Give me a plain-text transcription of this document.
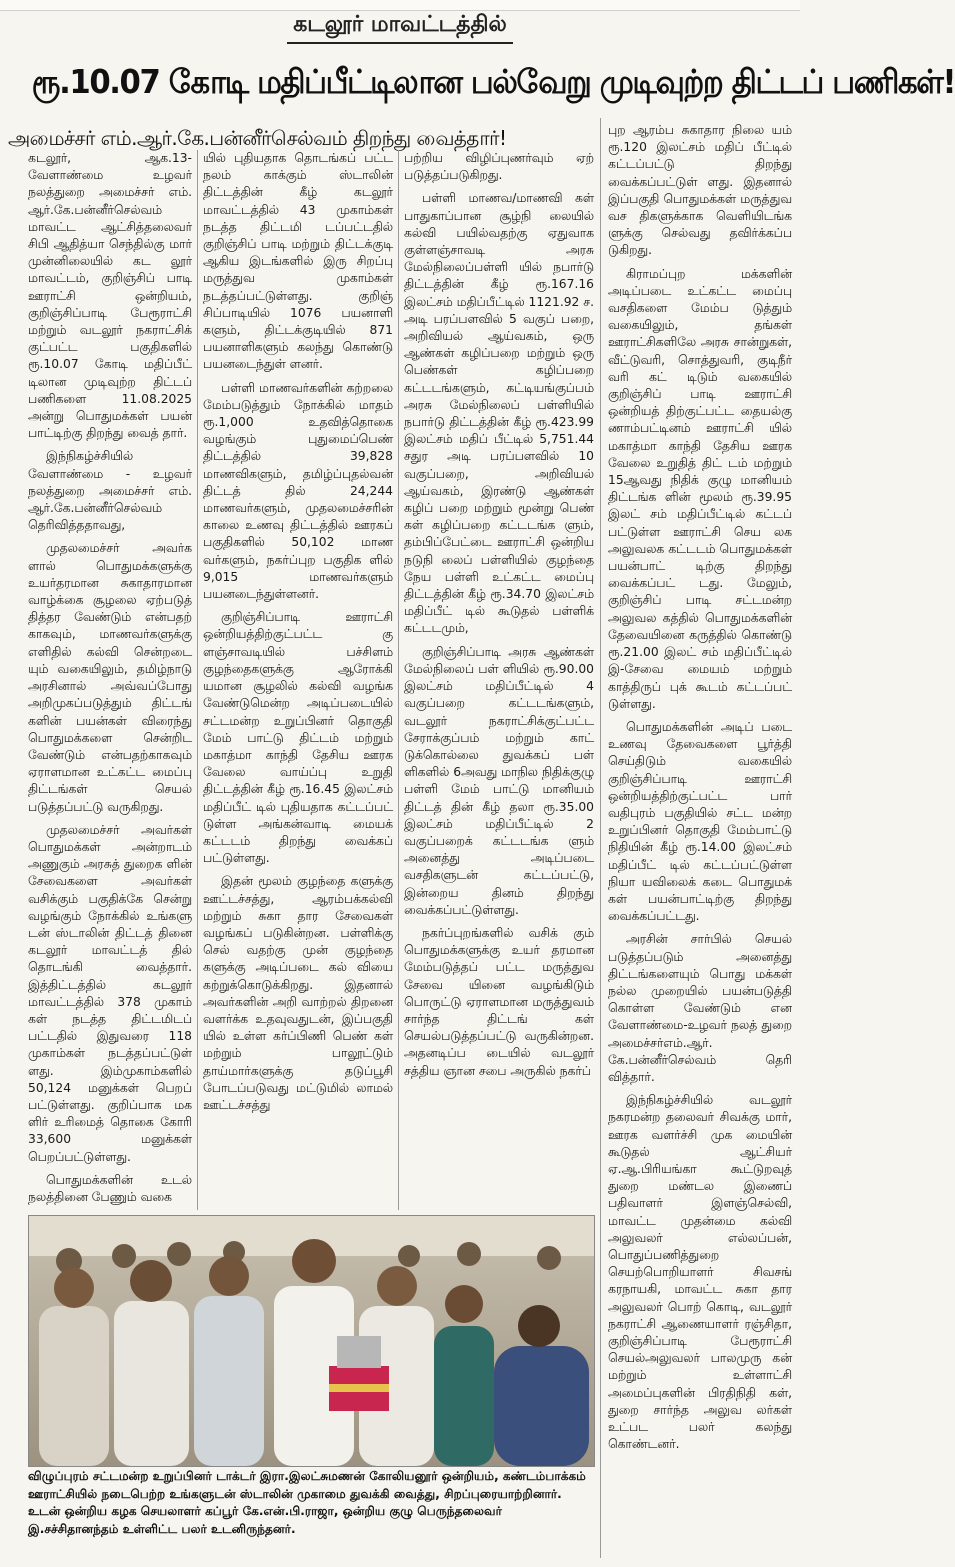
கடலூர் மாவட்டத்தில்
ரூ.10.07 கோடி மதிப்பீட்டிலான பல்வேறு முடிவுற்ற திட்டப் பணிகள்!
அமைச்சர் எம்.ஆர்.கே.பன்னீர்செல்வம் திறந்து வைத்தார்!

கடலூர், ஆக.13- வேளாண்மை உழவர் நலத்துறை அமைச்சர் எம். ஆர்.கே.பன்னீர்செல்வம் மாவட்ட ஆட்சித்தலைவர் சிபி ஆதித்யா செந்தில்கு மார் முன்னிலையில் கட லூர் மாவட்டம், குறிஞ்சிப் பாடி ஊராட்சி ஒன்றியம், குறிஞ்சிப்பாடி பேரூராட்சி மற்றும் வடலூர் நகராட்சிக் குட்பட்ட பகுதிகளில் ரூ.10.07 கோடி மதிப்பீட் டிலான முடிவுற்ற திட்டப் பணிகளை 11.08.2025 அன்று பொதுமக்கள் பயன் பாட்டிற்கு திறந்து வைத் தார்.

இந்நிகழ்ச்சியில் வேளாண்மை - உழவர் நலத்துறை அமைச்சர் எம். ஆர்.கே.பன்னீர்செல்வம் தெரிவித்ததாவது,

முதலமைச்சர் அவர்க ளால் பொதுமக்களுக்கு உயர்தரமான சுகாதாரமான வாழ்க்கை சூழலை ஏற்படுத் தித்தர வேண்டும் என்பதற் காகவும், மாணவர்களுக்கு எளிதில் கல்வி சென்றடை யும் வகையிலும், தமிழ்நாடு அரசினால் அவ்வப்போது அறிமுகப்படுத்தும் திட்டங் களின் பயன்கள் விரைந்து பொதுமக்களை சென்றிட வேண்டும் என்பதற்காகவும் ஏராளமான உட்கட்ட மைப்பு திட்டங்கள் செயல் படுத்தப்பட்டு வருகிறது.

முதலமைச்சர் அவர்கள் பொதுமக்கள் அன்றாடம் அணுகும் அரசுத் துறைக ளின் சேவைகளை அவர்கள் வசிக்கும் பகுதிக்கே சென்று வழங்கும் நோக்கில் உங்களு டன் ஸ்டாலின் திட்டத் தினை கடலூர் மாவட்டத் தில் தொடங்கி வைத்தார். இத்திட்டத்தில் கடலூர் மாவட்டத்தில் 378 முகாம் கள் நடத்த திட்டமிடப் பட்டதில் இதுவரை 118 முகாம்கள் நடத்தப்பட்டுள் ளது. இம்முகாம்களில் 50,124 மனுக்கள் பெறப் பட்டுள்ளது. குறிப்பாக மக ளிர் உரிமைத் தொகை கோரி 33,600 மனுக்கள் பெறப்பட்டுள்ளது.

பொதுமக்களின் உடல் நலத்தினை பேணும் வகை

யில் புதியதாக தொடங்கப் பட்ட நலம் காக்கும் ஸ்டாலின் திட்டத்தின் கீழ் கடலூர் மாவட்டத்தில் 43 முகாம்கள் நடத்த திட்டமி டப்பட்டதில் குறிஞ்சிப் பாடி மற்றும் திட்டக்குடி ஆகிய இடங்களில் இரு சிறப்பு மருத்துவ முகாம்கள் நடத்தப்பட்டுள்ளது. குறிஞ் சிப்பாடியில் 1076 பயனாளி களும், திட்டக்குடியில் 871 பயனாளிகளும் கலந்து கொண்டு பயனடைந்துள் ளனர்.

பள்ளி மாணவர்களின் கற்றலை மேம்படுத்தும் நோக்கில் மாதம் ரூ.1,000 உதவித்தொகை வழங்கும் புதுமைப்பெண் திட்டத்தில் 39,828 மாணவிகளும், தமிழ்ப்புதல்வன் திட்டத் தில் 24,244 மாணவர்களும், முதலமைச்சரின் காலை உணவு திட்டத்தில் ஊரகப் பகுதிகளில் 50,102 மாண வர்களும், நகர்ப்புற பகுதிக ளில் 9,015 மாணவர்களும் பயனடைந்துள்ளனர்.

குறிஞ்சிப்பாடி ஊராட்சி ஒன்றியத்திற்குட்பட்ட கு ளஞ்சாவடியில் பச்சிளம் குழந்தைகளுக்கு ஆரோக்கி யமான சூழலில் கல்வி வழங்க வேண்டுமென்ற அடிப்படையில் சட்டமன்ற உறுப்பினர் தொகுதி மேம் பாட்டு திட்டம் மற்றும் மகாத்மா காந்தி தேசிய ஊரக வேலை வாய்ப்பு உறுதி திட்டத்தின் கீழ் ரூ.16.45 இலட்சம் மதிப்பீட் டில் புதியதாக கட்டப்பட் டுள்ள அங்கன்வாடி மையக் கட்டடம் திறந்து வைக்கப் பட்டுள்ளது.

இதன் மூலம் குழந்தை களுக்கு ஊட்டச்சத்து, ஆரம்பக்கல்வி மற்றும் சுகா தார சேவைகள் வழங்கப் படுகின்றன. பள்ளிக்கு செல் வதற்கு முன் குழந்தை களுக்கு அடிப்படை கல் வியை கற்றுக்கொடுக்கிறது. இதனால் அவர்களின் அறி வாற்றல் திறனை வளர்க்க உதவுவதுடன், இப்பகுதி யில் உள்ள கர்ப்பிணி பெண் கள் மற்றும் பாலூட்டும் தாய்மார்களுக்கு தடுப்பூசி போடப்படுவது மட்டுமில் லாமல் ஊட்டச்சத்து

பற்றிய விழிப்புணர்வும் ஏற் படுத்தப்படுகிறது.

பள்ளி மாணவ/மாணவி கள் பாதுகாப்பான சூழ்நி லையில் கல்வி பயில்வதற்கு ஏதுவாக குள்ளஞ்சாவடி அரசு மேல்நிலைப்பள்ளி யில் நபார்டு திட்டத்தின் கீழ் ரூ.167.16 இலட்சம் மதிப்பீட்டில் 1121.92 ச. அடி பரப்பளவில் 5 வகுப் பறை, அறிவியல் ஆய்வகம், ஒரு ஆண்கள் கழிப்பறை மற்றும் ஒரு பெண்கள் கழிப்பறை கட்டடங்களும், கட்டியங்குப்பம் அரசு மேல்நிலைப் பள்ளியில் நபார்டு திட்டத்தின் கீழ் ரூ.423.99 இலட்சம் மதிப் பீட்டில் 5,751.44 சதுர அடி பரப்பளவில் 10 வகுப்பறை, அறிவியல் ஆய்வகம், இரண்டு ஆண்கள் கழிப் பறை மற்றும் மூன்று பெண் கள் கழிப்பறை கட்டடங்க ளும், தம்பிப்பேட்டை ஊராட்சி ஒன்றிய நடுநி லைப் பள்ளியில் குழந்தை நேய பள்ளி உட்கட்ட மைப்பு திட்டத்தின் கீழ் ரூ.34.70 இலட்சம் மதிப்பீட் டில் கூடுதல் பள்ளிக் கட்டடமும்,

குறிஞ்சிப்பாடி அரசு ஆண்கள் மேல்நிலைப் பள் ளியில் ரூ.90.00 இலட்சம் மதிப்பீட்டில் 4 வகுப்பறை கட்டடங்களும், வடலூர் நகராட்சிக்குட்பட்ட சேராக்குப்பம் மற்றும் காட் டுக்கொல்லை துவக்கப் பள் ளிகளில் 6அவது மாநில நிதிக்குழு பள்ளி மேம் பாட்டு மானியம் திட்டத் தின் கீழ் தலா ரூ.35.00 இலட்சம் மதிப்பீட்டில் 2 வகுப்பறைக் கட்டடங்க ளும் அனைத்து அடிப்படை வசதிகளுடன் கட்டப்பட்டு, இன்றைய தினம் திறந்து வைக்கப்பட்டுள்ளது.

நகர்ப்புறங்களில் வசிக் கும் பொதுமக்களுக்கு உயர் தரமான மேம்படுத்தப் பட்ட மருத்துவ சேவை யினை வழங்கிடும் பொருட்டு ஏராளமான மருத்துவம் சார்ந்த திட்டங் கள் செயல்படுத்தப்பட்டு வருகின்றன. அதனடிப்ப டையில் வடலூர் சத்திய ஞான சபை அருகில் நகர்ப்

புற ஆரம்ப சுகாதார நிலை யம் ரூ.120 இலட்சம் மதிப் பீட்டில் கட்டப்பட்டு திறந்து வைக்கப்பட்டுள் ளது. இதனால் இப்பகுதி பொதுமக்கள் மருத்துவ வச திகளுக்காக வெளியிடங்க ளுக்கு செல்வது தவிர்க்கப்ப டுகிறது.

கிராமப்புற மக்களின் அடிப்படை உட்கட்ட மைப்பு வசதிகளை மேம்ப டுத்தும் வகையிலும், தங்கள் ஊராட்சிகளிலே அரசு சான்றுகள், வீட்டுவரி, சொத்துவரி, குடிநீர் வரி கட் டிடும் வகையில் குறிஞ்சிப் பாடி ஊராட்சி ஒன்றியத் திற்குட்பட்ட தையல்கு ணாம்பட்டினம் ஊராட்சி யில் மகாத்மா காந்தி தேசிய ஊரக வேலை உறுதித் திட் டம் மற்றும் 15ஆவது நிதிக் குழு மானியம் திட்டங்க ளின் மூலம் ரூ.39.95 இலட் சம் மதிப்பீட்டில் கட்டப் பட்டுள்ள ஊராட்சி செய லக அலுவலக கட்டடம் பொதுமக்கள் பயன்பாட் டிற்கு திறந்து வைக்கப்பட் டது. மேலும், குறிஞ்சிப் பாடி சட்டமன்ற அலுவல கத்தில் பொதுமக்களின் தேவையினை கருத்தில் கொண்டு ரூ.21.00 இலட் சம் மதிப்பீட்டில் இ-சேவை மையம் மற்றும் காத்திருப் புக் கூடம் கட்டப்பட் டுள்ளது.

பொதுமக்களின் அடிப் படை உணவு தேவைகளை பூர்த்தி செய்திடும் வகையில் குறிஞ்சிப்பாடி ஊராட்சி ஒன்றியத்திற்குட்பட்ட பார் வதிபுரம் பகுதியில் சட்ட மன்ற உறுப்பினர் தொகுதி மேம்பாட்டு நிதியின் கீழ் ரூ.14.00 இலட்சம் மதிப்பீட் டில் கட்டப்பட்டுள்ள நியா யவிலைக் கடை பொதுமக் கள் பயன்பாட்டிற்கு திறந்து வைக்கப்பட்டது.

அரசின் சார்பில் செயல் படுத்தப்படும் அனைத்து திட்டங்களையும் பொது மக்கள் நல்ல முறையில் பயன்படுத்தி கொள்ள வேண்டும் என வேளாண்மை-உழவர் நலத் துறை அமைச்சர்எம்.ஆர். கே.பன்னீர்செல்வம் தெரி வித்தார்.

இந்நிகழ்ச்சியில் வடலூர் நகரமன்ற தலைவர் சிவக்கு மார், ஊரக வளர்ச்சி முக மையின் கூடுதல் ஆட்சியர் ஏ.ஆ.பிரியங்கா கூட்டுறவுத் துறை மண்டல இணைப் பதிவாளர் இளஞ்செல்வி, மாவட்ட முதன்மை கல்வி அலுவலர் எல்லப்பன், பொதுப்பணித்துறை செயற்பொறியாளர் சிவசங் கரநாயகி, மாவட்ட சுகா தார அலுவலர் பொற் கொடி, வடலூர் நகராட்சி ஆணையாளர் ரஞ்சிதா, குறிஞ்சிப்பாடி பேரூராட்சி செயல்அலுவலர் பாலமுரு கன் மற்றும் உள்ளாட்சி அமைப்புகளின் பிரதிநிதி கள், துறை சார்ந்த அலுவ லர்கள் உட்பட பலர் கலந்து கொண்டனர்.

விழுப்புரம் சட்டமன்ற உறுப்பினர் டாக்டர் இரா.இலட்சுமணன் கோலியனூர் ஒன்றியம், கண்டம்பாக்கம்

ஊராட்சியில் நடைபெற்ற உங்களுடன் ஸ்டாலின் முகாமை துவக்கி வைத்து, சிறப்புரையாற்றினார்.

உடன் ஒன்றிய கழக செயலாளர் கப்பூர் கே.என்.பி.ராஜா, ஒன்றிய குழு பெருந்தலைவர்

இ.சச்சிதானந்தம் உள்ளிட்ட பலர் உடனிருந்தனர்.
